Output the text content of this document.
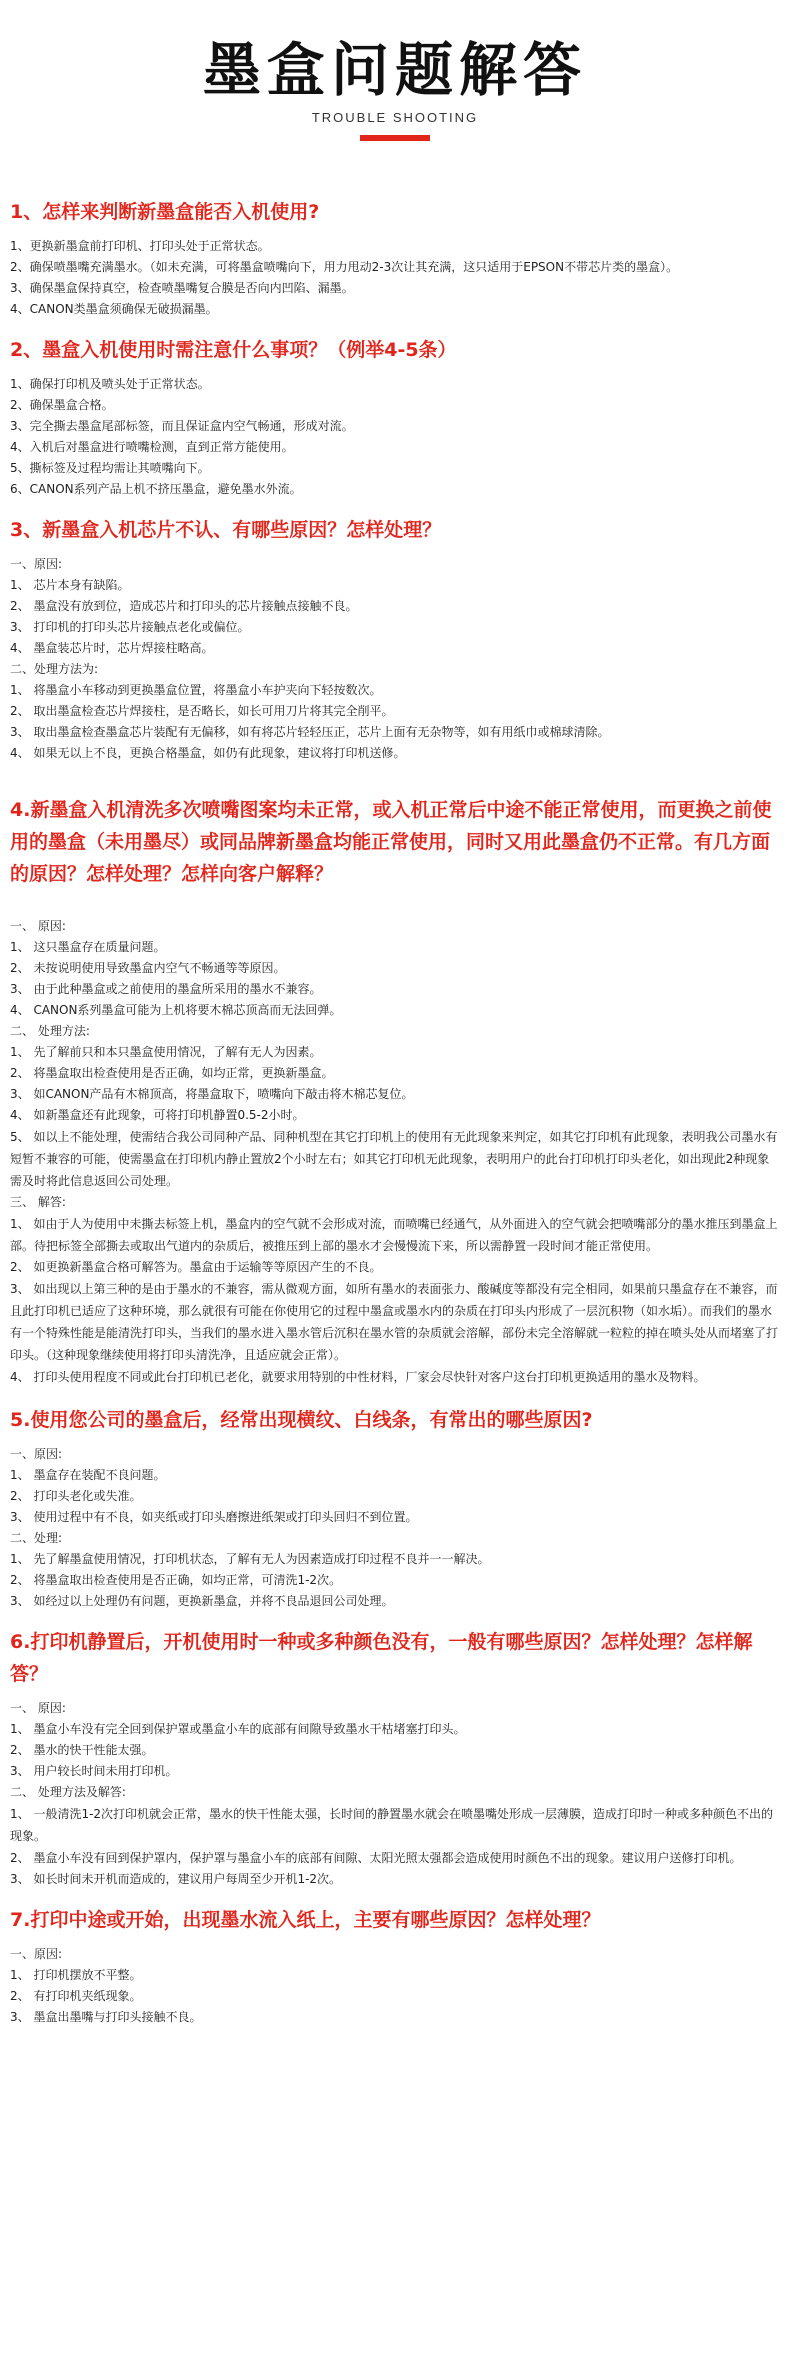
墨盒问题解答
TROUBLE SHOOTING
1、怎样来判断新墨盒能否入机使用?

1、更换新墨盒前打印机、打印头处于正常状态。

2、确保喷墨嘴充满墨水。（如未充满，可将墨盒喷嘴向下，用力甩动2-3次让其充满，这只适用于EPSON不带芯片类的墨盒）。

3、确保墨盒保持真空，检查喷墨嘴复合膜是否向内凹陷、漏墨。

4、CANON类墨盒须确保无破损漏墨。

2、墨盒入机使用时需注意什么事项？（例举4-5条）

1、确保打印机及喷头处于正常状态。

2、确保墨盒合格。

3、完全撕去墨盒尾部标签，而且保证盒内空气畅通，形成对流。

4、入机后对墨盒进行喷嘴检测，直到正常方能使用。

5、撕标签及过程均需让其喷嘴向下。

6、CANON系列产品上机不挤压墨盒，避免墨水外流。

3、新墨盒入机芯片不认、有哪些原因？怎样处理？

一、原因:

1、 芯片本身有缺陷。

2、 墨盒没有放到位，造成芯片和打印头的芯片接触点接触不良。

3、 打印机的打印头芯片接触点老化或偏位。

4、 墨盒装芯片时，芯片焊接柱略高。

二、处理方法为:

1、 将墨盒小车移动到更换墨盒位置，将墨盒小车护夹向下轻按数次。

2、 取出墨盒检查芯片焊接柱，是否略长，如长可用刀片将其完全削平。

3、 取出墨盒检查墨盒芯片装配有无偏移，如有将芯片轻轻压正，芯片上面有无杂物等，如有用纸巾或棉球清除。

4、 如果无以上不良，更换合格墨盒，如仍有此现象，建议将打印机送修。

4.新墨盒入机清洗多次喷嘴图案均未正常，或入机正常后中途不能正常使用，而更换之前使用的墨盒（未用墨尽）或同品牌新墨盒均能正常使用，同时又用此墨盒仍不正常。有几方面的原因？怎样处理？怎样向客户解释？

一、 原因:

1、 这只墨盒存在质量问题。

2、 未按说明使用导致墨盒内空气不畅通等等原因。

3、 由于此种墨盒或之前使用的墨盒所采用的墨水不兼容。

4、 CANON系列墨盒可能为上机将要木棉芯顶高而无法回弹。

二、 处理方法:

1、 先了解前只和本只墨盒使用情况，了解有无人为因素。

2、 将墨盒取出检查使用是否正确，如均正常，更换新墨盒。

3、 如CANON产品有木棉顶高，将墨盒取下，喷嘴向下敲击将木棉芯复位。

4、 如新墨盒还有此现象，可将打印机静置0.5-2小时。

5、 如以上不能处理，使需结合我公司同种产品、同种机型在其它打印机上的使用有无此现象来判定，如其它打印机有此现象，表明我公司墨水有短暂不兼容的可能，使需墨盒在打印机内静止置放2个小时左右；如其它打印机无此现象，表明用户的此台打印机打印头老化，如出现此2种现象需及时将此信息返回公司处理。

三、 解答:

1、 如由于人为使用中未撕去标签上机，墨盒内的空气就不会形成对流，而喷嘴已经通气，从外面进入的空气就会把喷嘴部分的墨水推压到墨盒上部。待把标签全部撕去或取出气道内的杂质后，被推压到上部的墨水才会慢慢流下来，所以需静置一段时间才能正常使用。

2、 如更换新墨盒合格可解答为。墨盒由于运输等等原因产生的不良。

3、 如出现以上第三种的是由于墨水的不兼容，需从微观方面，如所有墨水的表面张力、酸碱度等都没有完全相同，如果前只墨盒存在不兼容，而且此打印机已适应了这种环境，那么就很有可能在你使用它的过程中墨盒或墨水内的杂质在打印头内形成了一层沉积物（如水垢）。而我们的墨水有一个特殊性能是能清洗打印头，当我们的墨水进入墨水管后沉积在墨水管的杂质就会溶解，部份未完全溶解就一粒粒的掉在喷头处从而堵塞了打印头。（这种现象继续使用将打印头清洗净，且适应就会正常）。

4、 打印头使用程度不同或此台打印机已老化，就要求用特别的中性材料，厂家会尽快针对客户这台打印机更换适用的墨水及物料。

5.使用您公司的墨盒后，经常出现横纹、白线条，有常出的哪些原因?

一、原因:

1、 墨盒存在装配不良问题。

2、 打印头老化或失准。

3、 使用过程中有不良，如夹纸或打印头磨擦进纸架或打印头回归不到位置。

二、处理:

1、 先了解墨盒使用情况，打印机状态，了解有无人为因素造成打印过程不良并一一解决。

2、 将墨盒取出检查使用是否正确，如均正常，可清洗1-2次。

3、 如经过以上处理仍有问题，更换新墨盒，并将不良品退回公司处理。

6.打印机静置后，开机使用时一种或多种颜色没有，一般有哪些原因？怎样处理？怎样解答？

一、 原因:

1、 墨盒小车没有完全回到保护罩或墨盒小车的底部有间隙导致墨水干枯堵塞打印头。

2、 墨水的快干性能太强。

3、 用户较长时间未用打印机。

二、 处理方法及解答:

1、 一般清洗1-2次打印机就会正常，墨水的快干性能太强，长时间的静置墨水就会在喷墨嘴处形成一层薄膜，造成打印时一种或多种颜色不出的现象。

2、 墨盒小车没有回到保护罩内，保护罩与墨盒小车的底部有间隙、太阳光照太强都会造成使用时颜色不出的现象。建议用户送修打印机。

3、 如长时间未开机而造成的，建议用户每周至少开机1-2次。

7.打印中途或开始，出现墨水流入纸上，主要有哪些原因？怎样处理？

一、原因:

1、 打印机摆放不平整。

2、 有打印机夹纸现象。

3、 墨盒出墨嘴与打印头接触不良。
